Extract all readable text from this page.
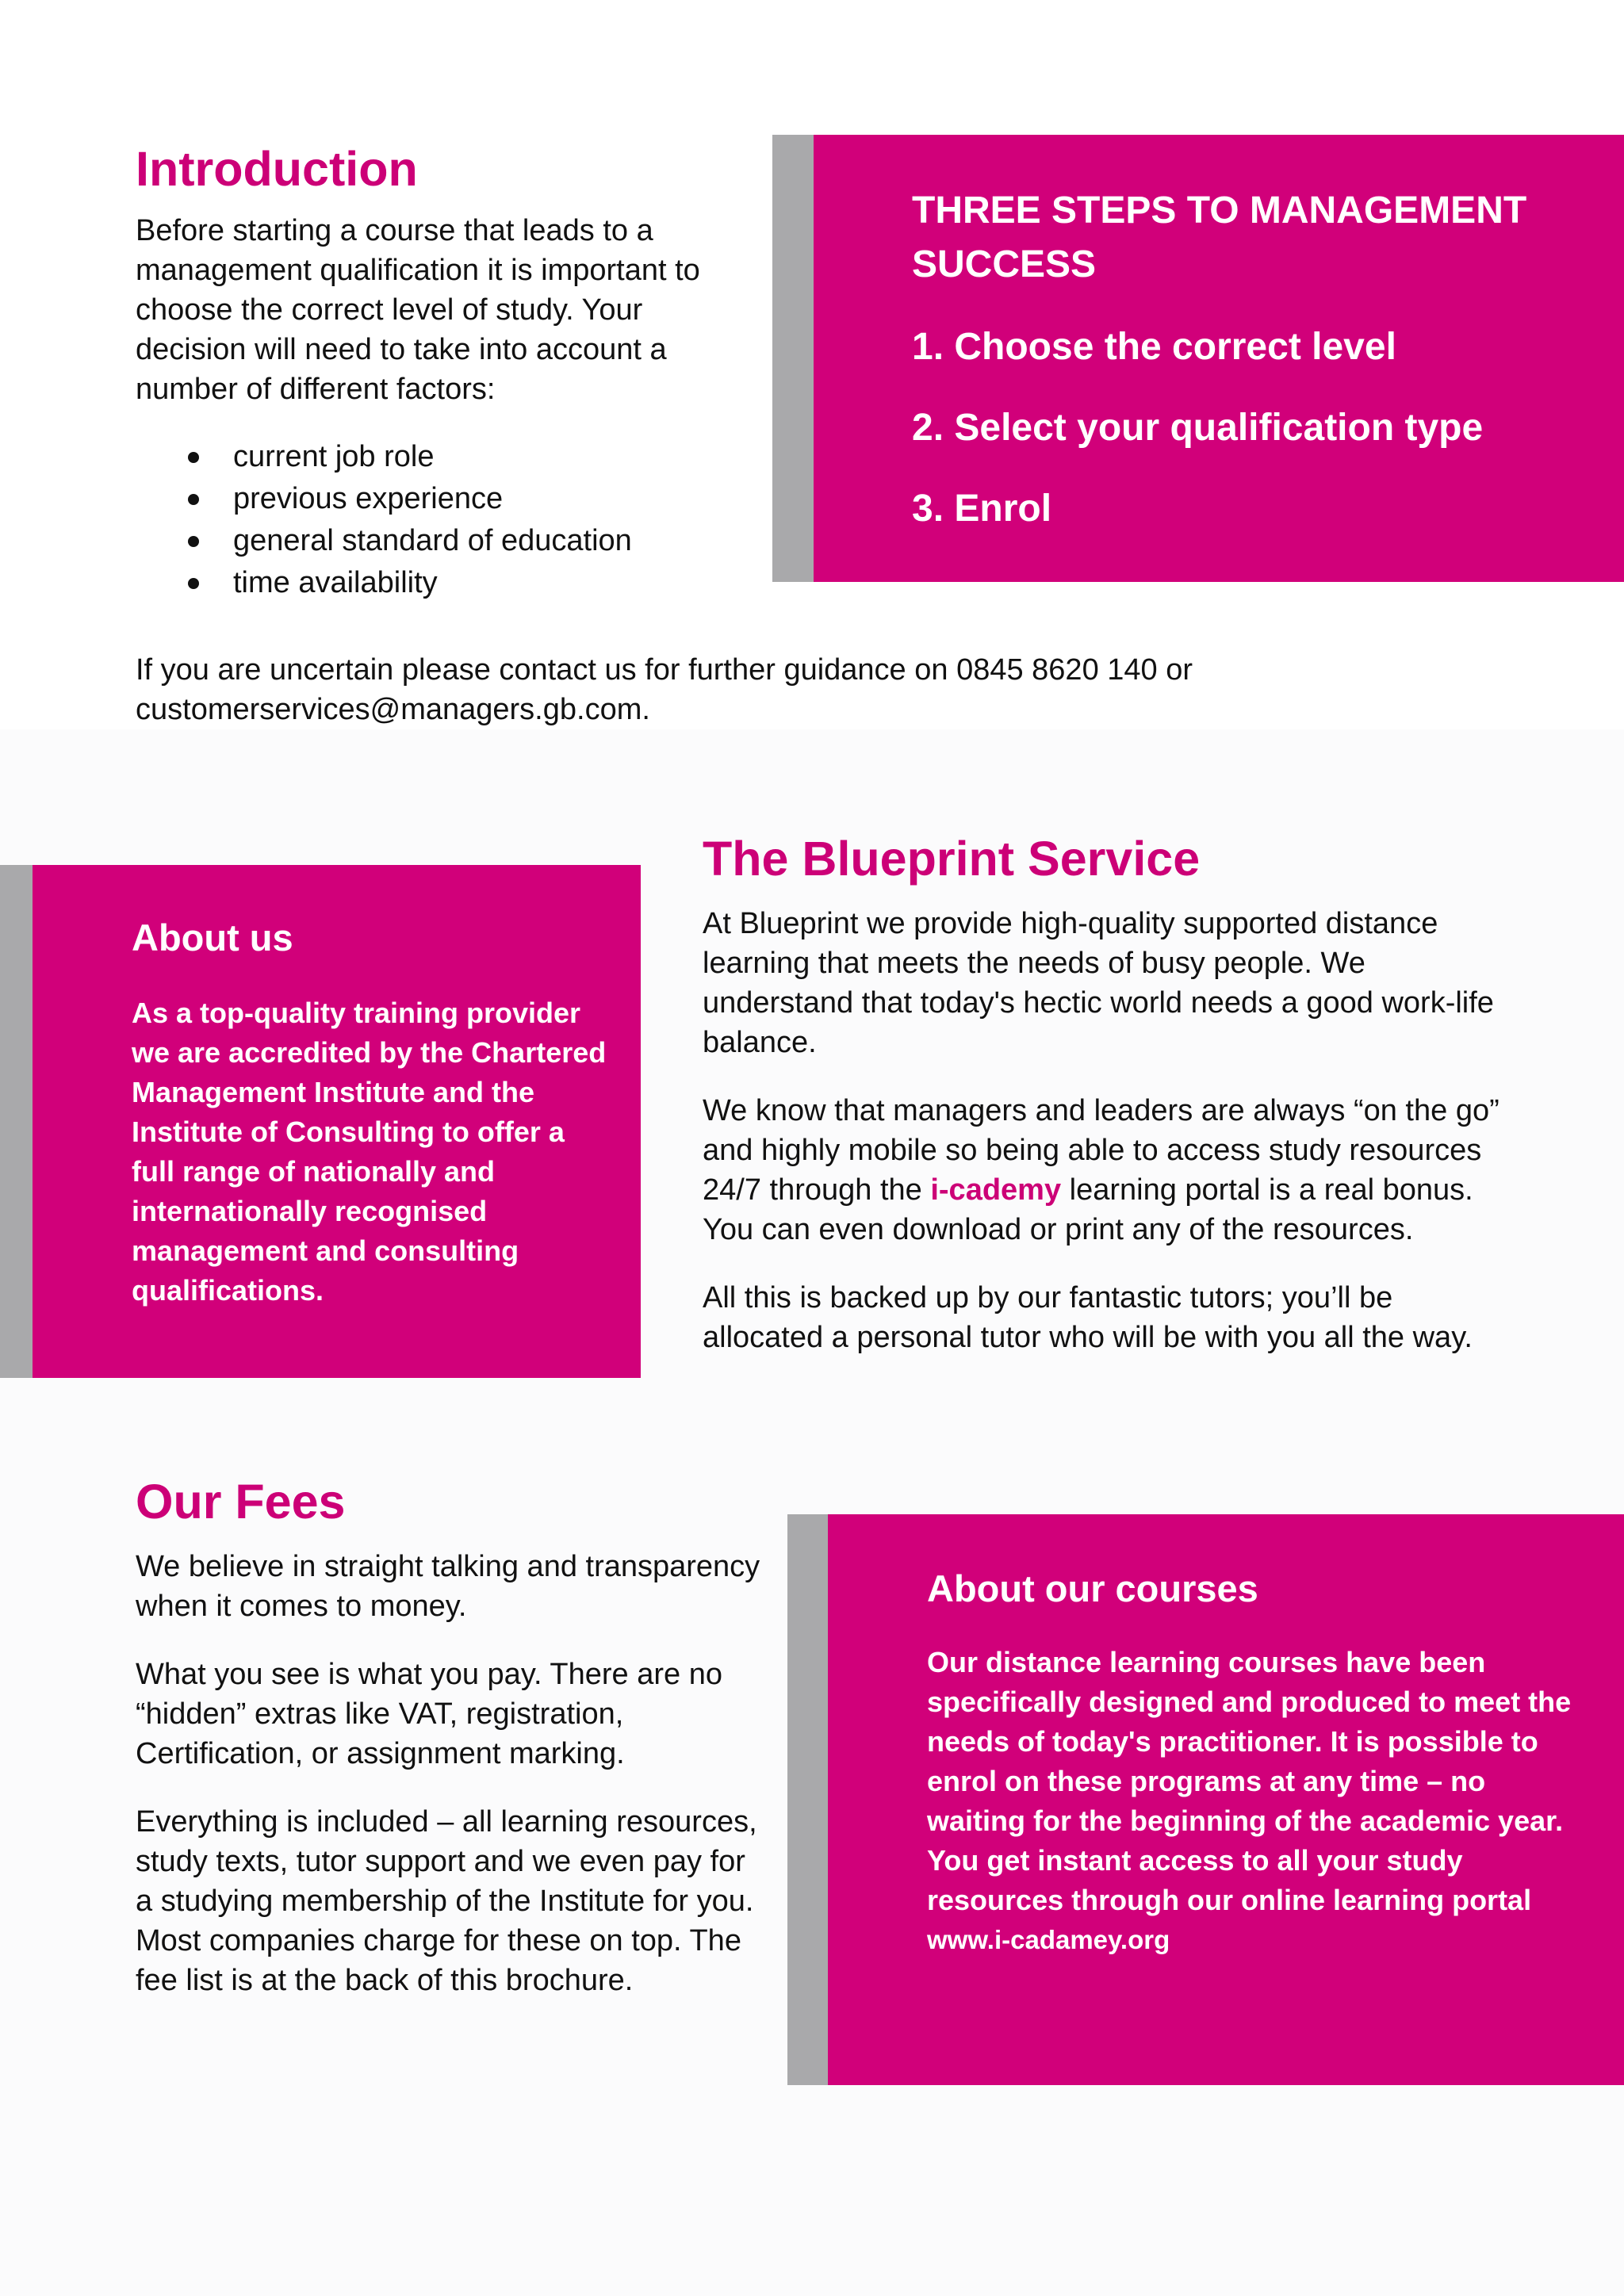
Introduction

Before starting a course that leads to a management qualification it is important to choose the correct level of study. Your decision will need to take into account a number of different factors:

current job role
previous experience
general standard of education
time availability

If you are uncertain please contact us for further guidance on 0845 8620 140 or customerservices@managers.gb.com.

THREE STEPS TO MANAGEMENT SUCCESS
1. Choose the correct level
2. Select your qualification type
3. Enrol
About us

As a top-quality training provider we are accredited by the Chartered Management Institute and the Institute of Consulting to offer a full range of nationally and internationally recognised management and consulting qualifications.

The Blueprint Service

At Blueprint we provide high-quality supported distance learning that meets the needs of busy people. We understand that today's hectic world needs a good work-life balance.

We know that managers and leaders are always “on the go” and highly mobile so being able to access study resources 24/7 through the i-cademy learning portal is a real bonus. You can even download or print any of the resources.

All this is backed up by our fantastic tutors; you’ll be allocated a personal tutor who will be with you all the way.

Our Fees

We believe in straight talking and transparency when it comes to money.

What you see is what you pay. There are no “hidden” extras like VAT, registration, Certification, or assignment marking.

Everything is included – all learning resources, study texts, tutor support and we even pay for a studying membership of the Institute for you. Most companies charge for these on top. The fee list is at the back of this brochure.

About our courses

Our distance learning courses have been specifically designed and produced to meet the needs of today's practitioner. It is possible to enrol on these programs at any time – no waiting for the beginning of the academic year. You get instant access to all your study resources through our online learning portal

www.i-cadamey.org
